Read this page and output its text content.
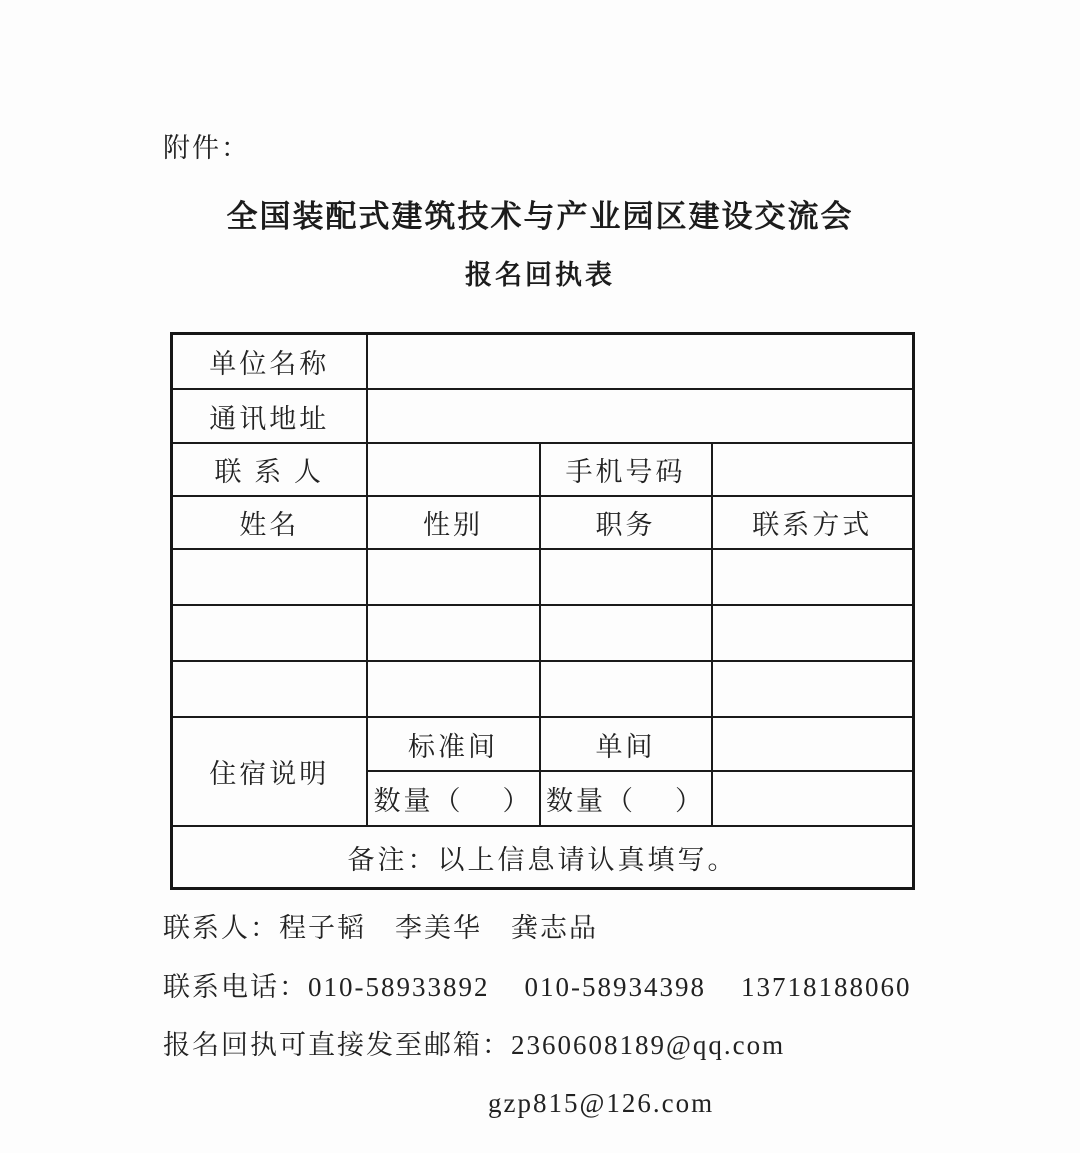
附件：
全国装配式建筑技术与产业园区建设交流会
报名回执表
单位名称			
通讯地址			
联 系 人		手机号码	
姓名	性别	职务	联系方式

住宿说明	标准间	单间	
	数量（    ）	数量（    ）	
备注：以上信息请认真填写。			
联系人：程子韬　李美华　龚志品
联系电话：010-58933892    010-58934398    13718188060
报名回执可直接发至邮箱：2360608189@qq.com
gzp815@126.com
